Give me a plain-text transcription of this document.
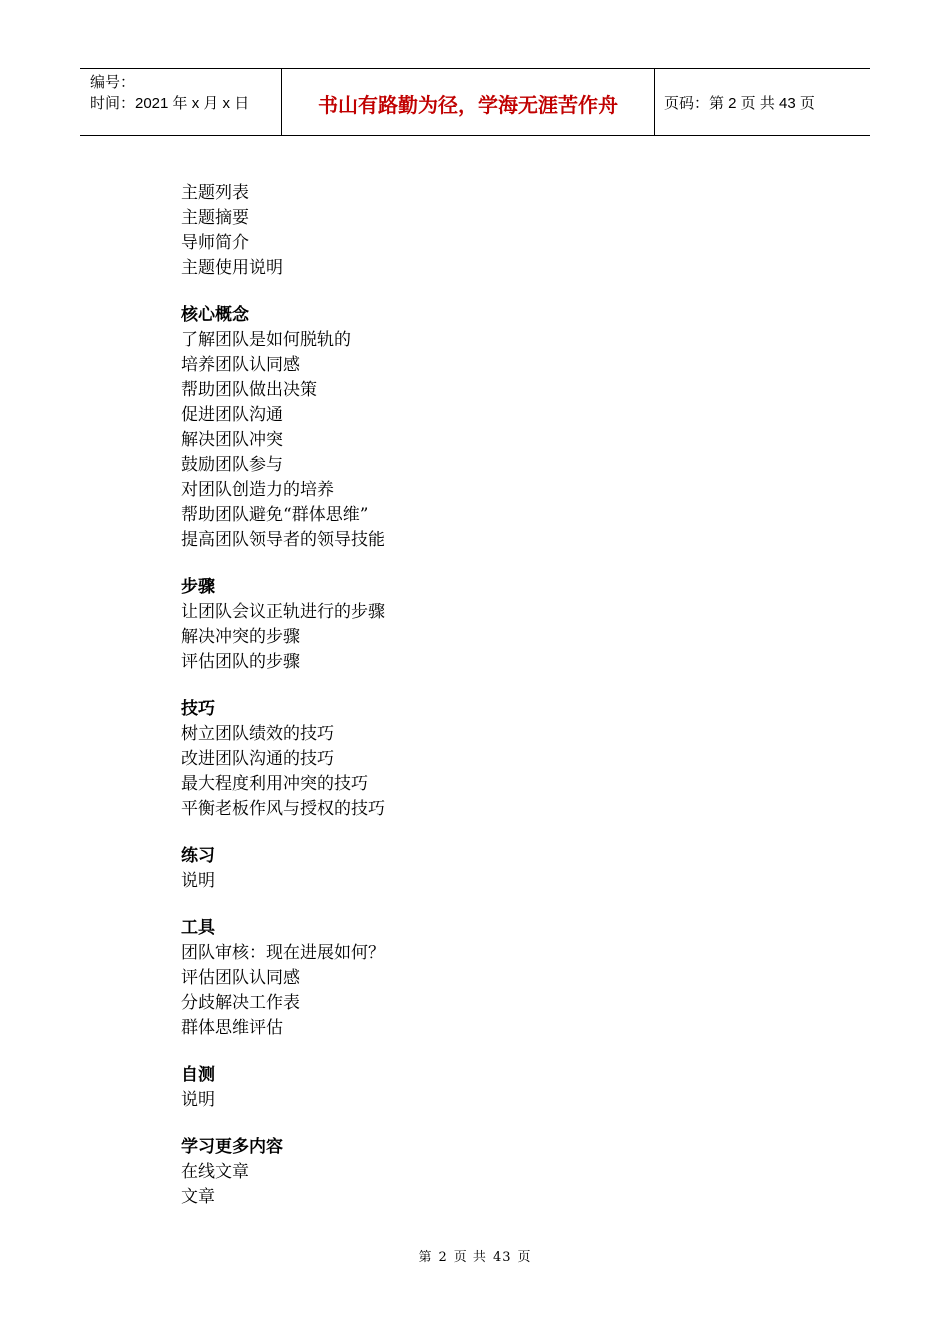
编号：
时间：2021 年 x 月 x 日	书山有路勤为径，学海无涯苦作舟	页码：第 2 页 共 43 页
主题列表
主题摘要
导师简介
主题使用说明
核心概念
了解团队是如何脱轨的
培养团队认同感
帮助团队做出决策
促进团队沟通
解决团队冲突
鼓励团队参与
对团队创造力的培养
帮助团队避免“群体思维”
提高团队领导者的领导技能
步骤
让团队会议正轨进行的步骤
解决冲突的步骤
评估团队的步骤
技巧
树立团队绩效的技巧
改进团队沟通的技巧
最大程度利用冲突的技巧
平衡老板作风与授权的技巧
练习
说明
工具
团队审核：现在进展如何？
评估团队认同感
分歧解决工作表
群体思维评估
自测
说明
学习更多内容
在线文章
文章
第 2 页 共 43 页
